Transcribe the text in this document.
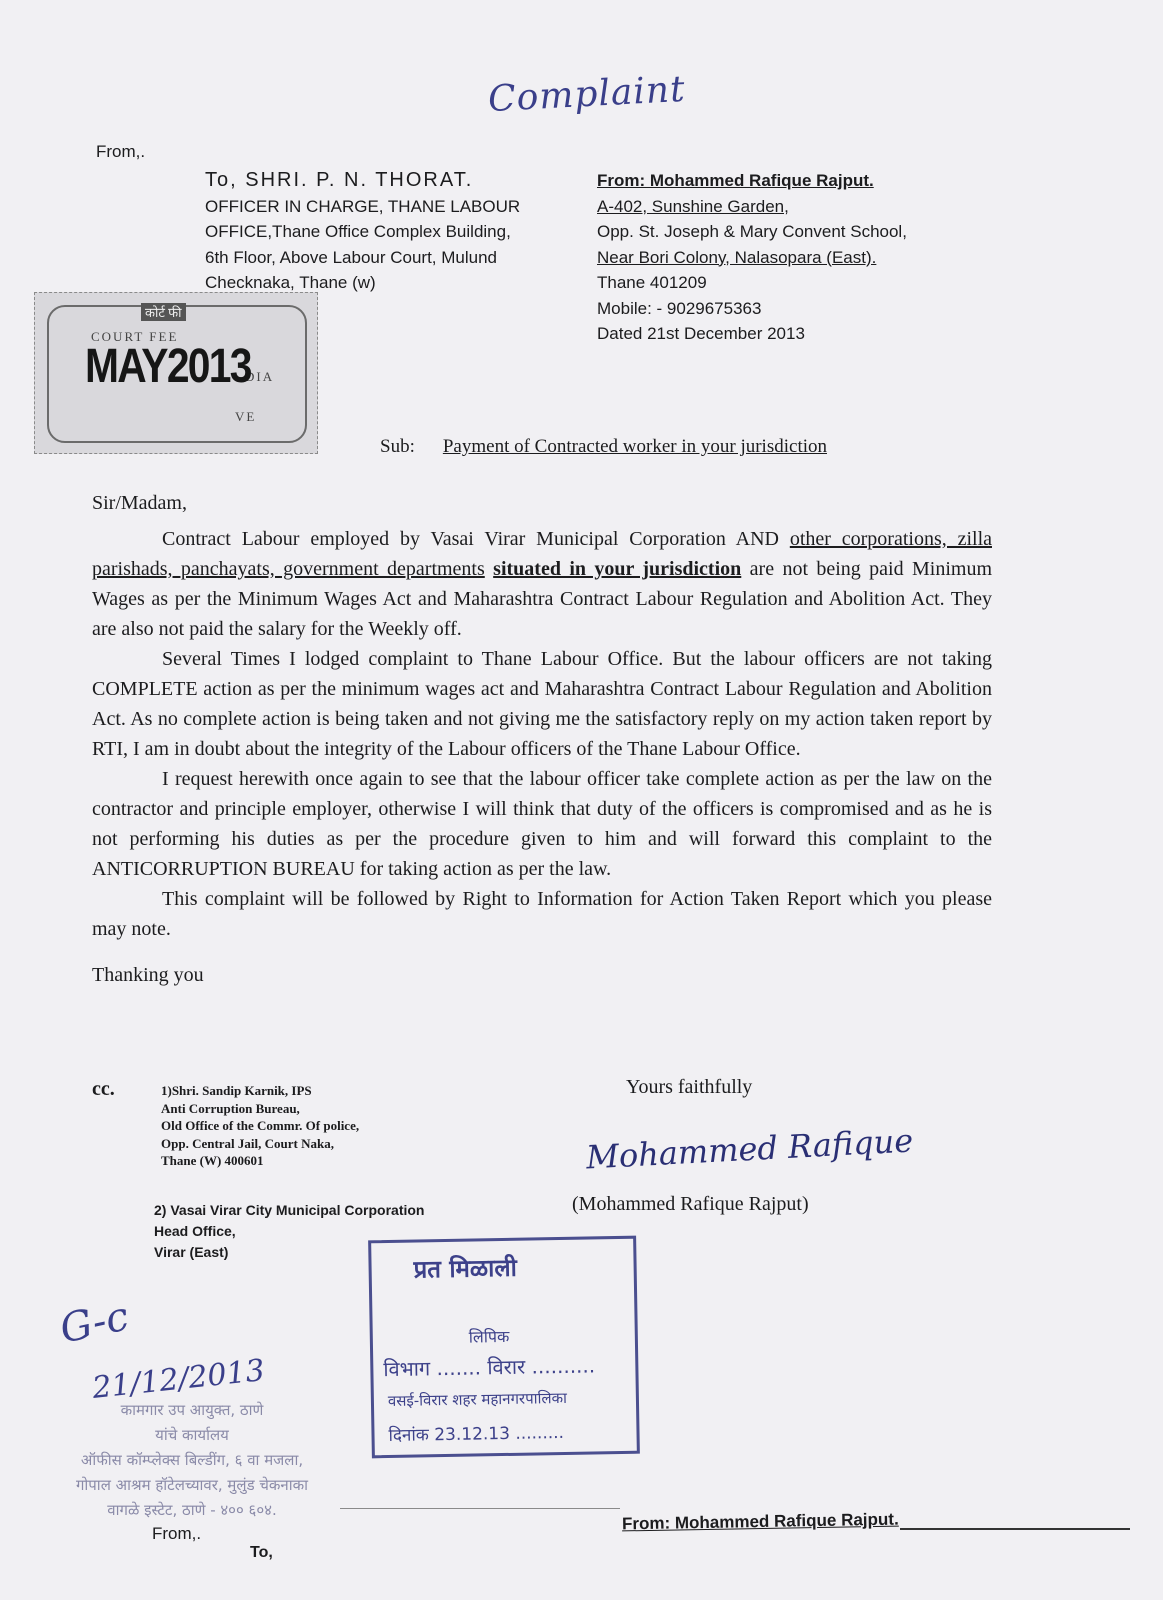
Complaint
From,.
To, SHRI. P. N. THORAT.
OFFICER IN CHARGE, THANE LABOUR
OFFICE,Thane Office Complex Building,
6th Floor, Above Labour Court, Mulund
Checknaka, Thane (w)
From: Mohammed Rafique Rajput.
A-402, Sunshine Garden,
Opp. St. Joseph & Mary Convent School,
Near Bori Colony, Nalasopara (East).
Thane 401209
Mobile: - 9029675363
Dated 21st December 2013
कोर्ट फी
COURT FEE
DIA
VE
MAY2013
Sub: Payment of Contracted worker in your jurisdiction
Sir/Madam,

Contract Labour employed by Vasai Virar Municipal Corporation AND other corporations, zilla parishads, panchayats, government departments situated in your jurisdiction are not being paid Minimum Wages as per the Minimum Wages Act and Maharashtra Contract Labour Regulation and Abolition Act. They are also not paid the salary for the Weekly off.

Several Times I lodged complaint to Thane Labour Office. But the labour officers are not taking COMPLETE action as per the minimum wages act and Maharashtra Contract Labour Regulation and Abolition Act. As no complete action is being taken and not giving me the satisfactory reply on my action taken report by RTI, I am in doubt about the integrity of the Labour officers of the Thane Labour Office.

I request herewith once again to see that the labour officer take complete action as per the law on the contractor and principle employer, otherwise I will think that duty of the officers is compromised and as he is not performing his duties as per the procedure given to him and will forward this complaint to the ANTICORRUPTION BUREAU for taking action as per the law.

This complaint will be followed by Right to Information for Action Taken Report which you please may note.

Thanking you
cc.	1)Shri. Sandip Karnik, IPS
Anti Corruption Bureau,
Old Office of the Commr. Of police,
Opp. Central Jail, Court Naka,
Thane (W) 400601
2) Vasai Virar City Municipal Corporation
Head Office,
Virar (East)
Yours faithfully
Mohammed Rafique
(Mohammed Rafique Rajput)
प्रत मिळाली
लिपिक
विभाग ....... विरार ..........
वसई-विरार शहर महानगरपालिका
दिनांक 23.12.13 .........
G-c
21/12/2013
कामगार उप आयुक्त, ठाणे
यांचे कार्यालय
ऑफीस कॉम्प्लेक्स बिल्डींग, ६ वा मजला,
गोपाल आश्रम हॉटेलच्यावर, मुलुंड चेकनाका
वागळे इस्टेट, ठाणे - ४०० ६०४.
From,.
To,
From: Mohammed Rafique Rajput.
